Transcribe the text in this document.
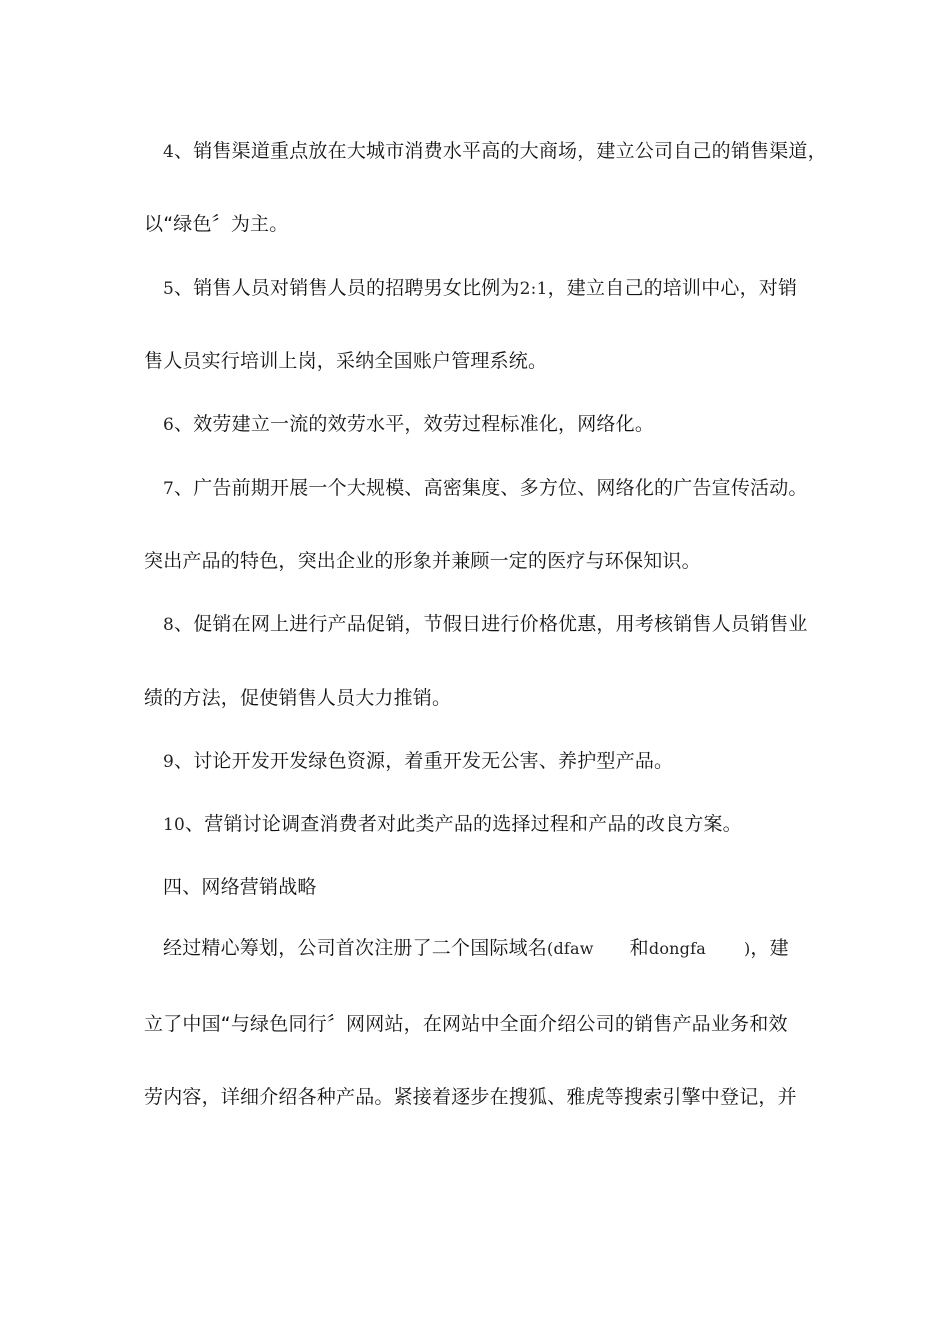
4、销售渠道重点放在大城市消费水平高的大商场，建立公司自己的销售渠道，
以“绿色〞为主。
5、销售人员对销售人员的招聘男女比例为2:1，建立自己的培训中心，对销
售人员实行培训上岗，采纳全国账户管理系统。
6、效劳建立一流的效劳水平，效劳过程标准化，网络化。
7、广告前期开展一个大规模、高密集度、多方位、网络化的广告宣传活动。
突出产品的特色，突出企业的形象并兼顾一定的医疗与环保知识。
8、促销在网上进行产品促销，节假日进行价格优惠，用考核销售人员销售业
绩的方法，促使销售人员大力推销。
9、讨论开发开发绿色资源，着重开发无公害、养护型产品。
10、营销讨论调查消费者对此类产品的选择过程和产品的改良方案。
四、网络营销战略
经过精心筹划，公司首次注册了二个国际域名(dfaw 和dongfa )，建
立了中国“与绿色同行〞网网站，在网站中全面介绍公司的销售产品业务和效
劳内容，详细介绍各种产品。紧接着逐步在搜狐、雅虎等搜索引擎中登记，并
